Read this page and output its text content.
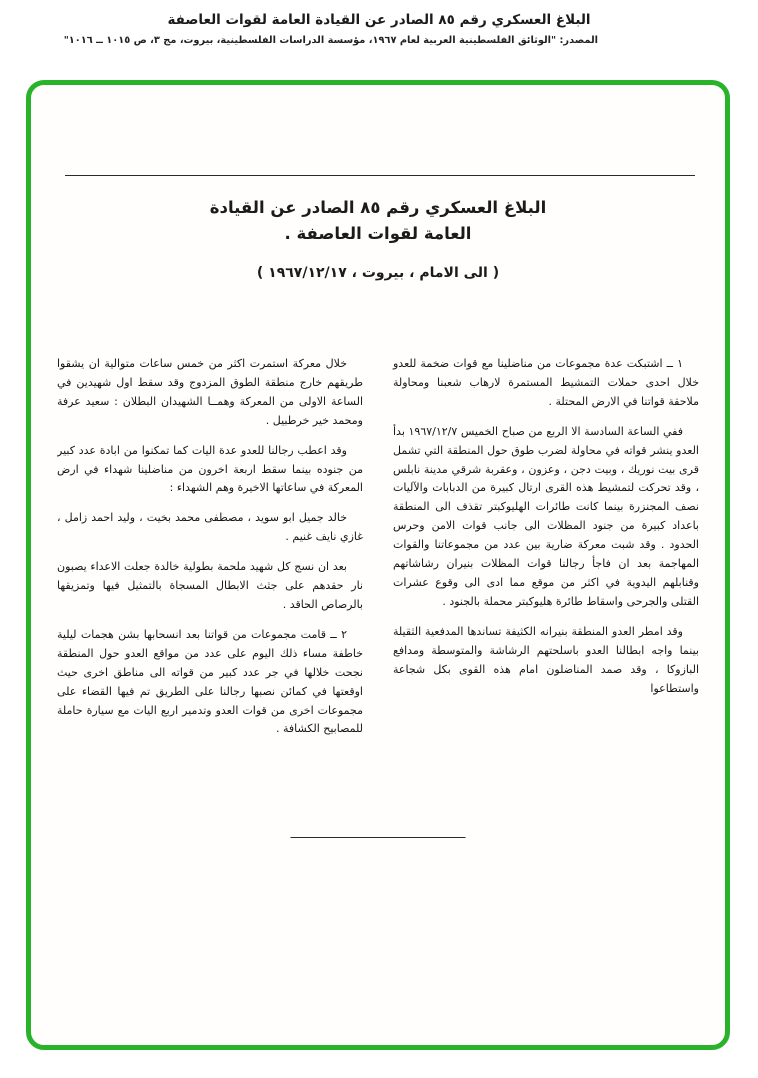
البلاغ العسكري رقم ٨٥ الصادر عن القيادة العامة لقوات العاصفة
المصدر: "الوثائق الفلسطينية العربية لعام ١٩٦٧، مؤسسة الدراسات الفلسطينية، بيروت، مج ٣، ص ١٠١٥ ــ ١٠١٦"
البلاغ العسكري رقم ٨٥ الصادر عن القيادة
العامة لقوات العاصفة .
( الى الامام ، بيروت ، ١٩٦٧/١٢/١٧ )

١ ــ اشتبكت عدة مجموعات من مناضلينا مع قوات ضخمة للعدو خلال احدى حملات التمشيط المستمرة لارهاب شعبنا ومحاولة ملاحقة قواتنا في الارض المحتلة .

ففي الساعة السادسة الا الربع من صباح الخميس ١٩٦٧/١٢/٧ بدأ العدو ينشر قواته في محاولة لضرب طوق حول المنطقة التي تشمل قرى بيت نوريك ، وبيت دجن ، وعزون ، وعقربة شرقي مدينة نابلس ، وقد تحركت لتمشيط هذه القرى ارتال كبيرة من الدبابات والآليات نصف المجنزرة بينما كانت طائرات الهليوكبتر تقذف الى المنطقة باعداد كبيرة من جنود المظلات الى جانب قوات الامن وحرس الحدود . وقد شبت معركة ضارية بين عدد من مجموعاتنا والقوات المهاجمة بعد ان فاجأ رجالنا قوات المظلات بنيران رشاشاتهم وقنابلهم اليدوية في اكثر من موقع مما ادى الى وقوع عشرات القتلى والجرحى واسقاط طائرة هليوكبتر محملة بالجنود .

وقد امطر العدو المنطقة بنيرانه الكثيفة تساندها المدفعية الثقيلة بينما واجه ابطالنا العدو باسلحتهم الرشاشة والمتوسطة ومدافع البازوكا ، وقد صمد المناضلون امام هذه القوى بكل شجاعة واستطاعوا

خلال معركة استمرت اكثر من خمس ساعات متوالية ان يشقوا طريقهم خارج منطقة الطوق المزدوج وقد سقط اول شهيدين في الساعة الاولى من المعركة وهمــا الشهيدان البطلان : سعيد عرفة ومحمد خير خرطبيل .

وقد اعطب رجالنا للعدو عدة اليات كما تمكنوا من ابادة عدد كبير من جنوده بينما سقط اربعة اخرون من مناضلينا شهداء في ارض المعركة في ساعاتها الاخيرة وهم الشهداء :

خالد جميل ابو سويد ، مصطفى محمد بخيت ، وليد احمد زامل ، غازي نايف غنيم .

بعد ان نسج كل شهيد ملحمة بطولية خالدة جعلت الاعداء يصبون نار حقدهم على جثث الابطال المسجاة بالتمثيل فيها وتمزيقها بالرصاص الحاقد .

٢ ــ قامت مجموعات من قواتنا بعد انسحابها بشن هجمات ليلية خاطفة مساء ذلك اليوم على عدد من مواقع العدو حول المنطقة نجحت خلالها في جر عدد كبير من قواته الى مناطق اخرى حيث اوقعتها في كمائن نصبها رجالنا على الطريق تم فيها القضاء على مجموعات اخرى من قوات العدو وتدمير اربع اليات مع سيارة حاملة للمصابيح الكشافة .
